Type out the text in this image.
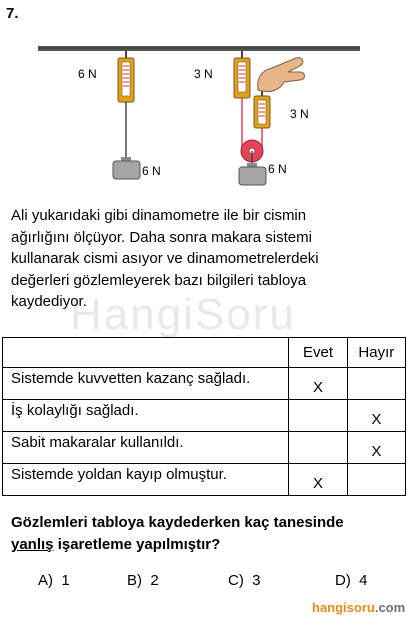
7.
6 N
6 N
3 N
3 N
6 N
HangiSoru
Ali yukarıdaki gibi dinamometre ile bir cismin
ağırlığını ölçüyor. Daha sonra makara sistemi
kullanarak cismi asıyor ve dinamometrelerdeki
değerleri gözlemleyerek bazı bilgileri tabloya
kaydediyor.
	Evet	Hayır
Sistemde kuvvetten kazanç sağladı.	X	
İş kolaylığı sağladı.		X
Sabit makaralar kullanıldı.		X
Sistemde yoldan kayıp olmuştur.	X	
Gözlemleri tabloya kaydederken kaç tanesinde
yanlış işaretleme yapılmıştır?
A) 1	B) 2	C) 3	D) 4
hangisoru.com
